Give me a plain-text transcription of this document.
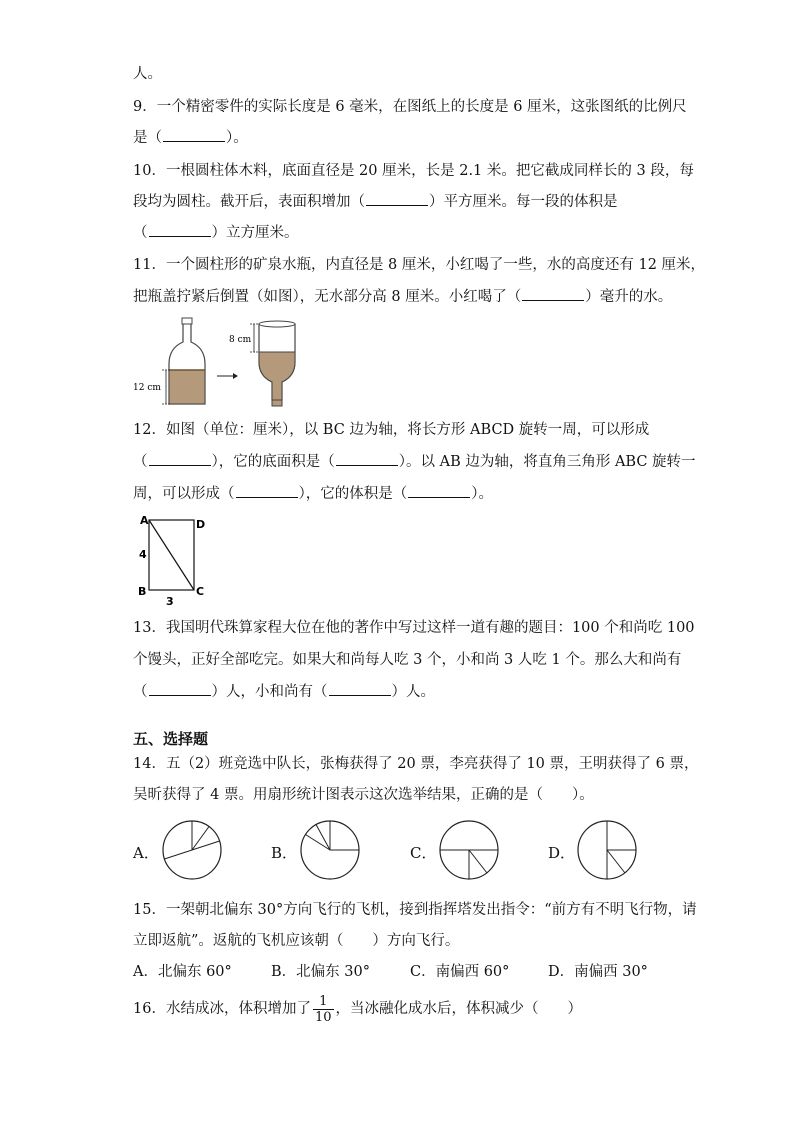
人。
9．一个精密零件的实际长度是 6 毫米，在图纸上的长度是 6 厘米，这张图纸的比例尺
是（	）。
10．一根圆柱体木料，底面直径是 20 厘米，长是 2.1 米。把它截成同样长的 3 段，每
段均为圆柱。截开后，表面积增加（	）平方厘米。每一段的体积是
（	）立方厘米。
11．一个圆柱形的矿泉水瓶，内直径是 8 厘米，小红喝了一些，水的高度还有 12 厘米，
把瓶盖拧紧后倒置（如图），无水部分高 8 厘米。小红喝了（	）毫升的水。
12 cm
8 cm
12．如图（单位：厘米），以 BC 边为轴，将长方形 ABCD 旋转一周，可以形成
（	），它的底面积是（	）。以 AB 边为轴，将直角三角形 ABC 旋转一
周，可以形成（	），它的体积是（	）。
A	D
B	C
4
3
13．我国明代珠算家程大位在他的著作中写过这样一道有趣的题目：100 个和尚吃 100
个馒头，正好全部吃完。如果大和尚每人吃 3 个，小和尚 3 人吃 1 个。那么大和尚有
（	）人，小和尚有（	）人。
五、选择题
14．五（2）班竞选中队长，张梅获得了 20 票，李亮获得了 10 票，王明获得了 6 票，
吴昕获得了 4 票。用扇形统计图表示这次选举结果，正确的是（　　）。
A．	B．	C．	D．
15．一架朝北偏东 30°方向飞行的飞机，接到指挥塔发出指令：“前方有不明飞行物，请
立即返航”。返航的飞机应该朝（　　）方向飞行。
A．北偏东 60°	B．北偏东 30°	C．南偏西 60°	D．南偏西 30°
16．水结成冰，体积增加了 $\frac{1}{10}$ ，当冰融化成水后，体积减少（　　）
